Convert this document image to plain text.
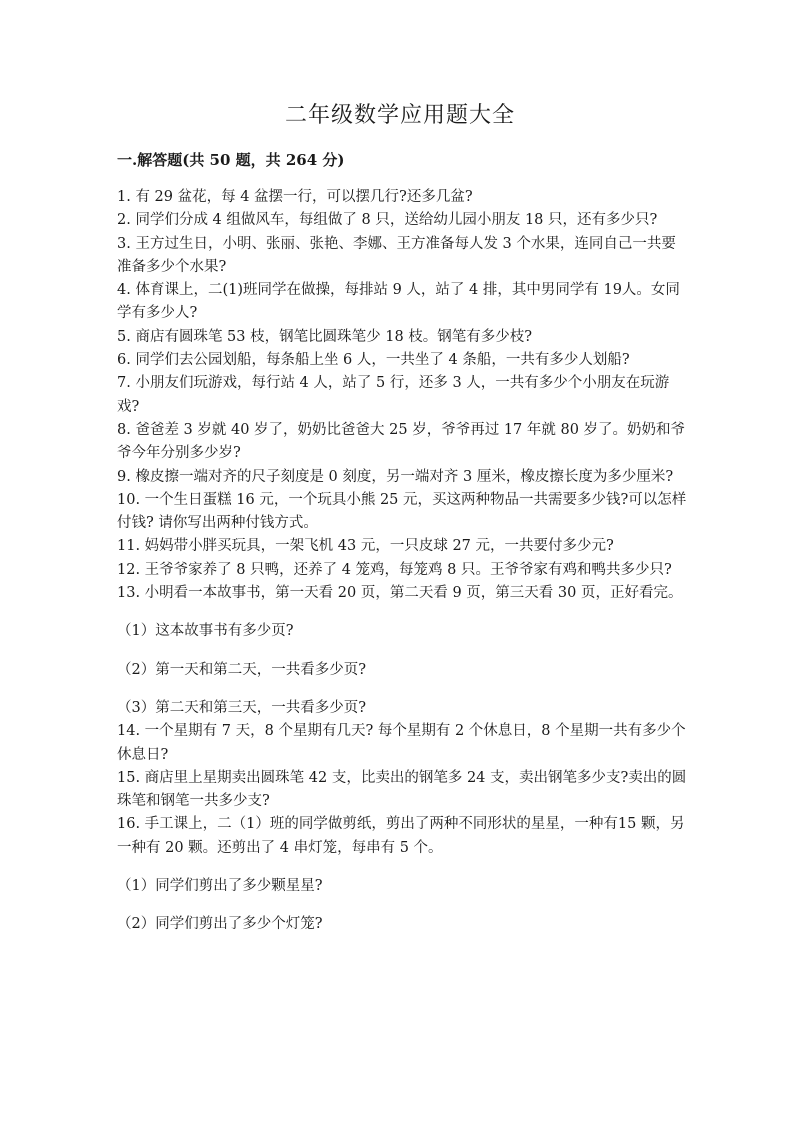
二年级数学应用题大全
一.解答题(共 50 题，共 264 分)

1. 有 29 盆花，每 4 盆摆一行，可以摆几行?还多几盆?

2. 同学们分成 4 组做风车，每组做了 8 只，送给幼儿园小朋友 18 只，还有多少只?

3. 王方过生日，小明、张丽、张艳、李娜、王方准备每人发 3 个水果，连同自己一共要准备多少个水果?

4. 体育课上，二(1)班同学在做操，每排站 9 人，站了 4 排，其中男同学有 19人。女同学有多少人?

5. 商店有圆珠笔 53 枝，钢笔比圆珠笔少 18 枝。钢笔有多少枝?

6. 同学们去公园划船，每条船上坐 6 人，一共坐了 4 条船，一共有多少人划船?

7. 小朋友们玩游戏，每行站 4 人，站了 5 行，还多 3 人，一共有多少个小朋友在玩游戏?

8. 爸爸差 3 岁就 40 岁了，奶奶比爸爸大 25 岁，爷爷再过 17 年就 80 岁了。奶奶和爷爷今年分别多少岁?

9. 橡皮擦一端对齐的尺子刻度是 0 刻度，另一端对齐 3 厘米，橡皮擦长度为多少厘米?

10. 一个生日蛋糕 16 元，一个玩具小熊 25 元，买这两种物品一共需要多少钱?可以怎样付钱? 请你写出两种付钱方式。

11. 妈妈带小胖买玩具，一架飞机 43 元，一只皮球 27 元，一共要付多少元?

12. 王爷爷家养了 8 只鸭，还养了 4 笼鸡，每笼鸡 8 只。王爷爷家有鸡和鸭共多少只?

13. 小明看一本故事书，第一天看 20 页，第二天看 9 页，第三天看 30 页，正好看完。

（1）这本故事书有多少页?

（2）第一天和第二天，一共看多少页?

（3）第二天和第三天，一共看多少页?

14. 一个星期有 7 天，8 个星期有几天? 每个星期有 2 个休息日，8 个星期一共有多少个休息日?

15. 商店里上星期卖出圆珠笔 42 支，比卖出的钢笔多 24 支，卖出钢笔多少支?卖出的圆珠笔和钢笔一共多少支?

16. 手工课上，二（1）班的同学做剪纸，剪出了两种不同形状的星星，一种有15 颗，另一种有 20 颗。还剪出了 4 串灯笼，每串有 5 个。

（1）同学们剪出了多少颗星星?

（2）同学们剪出了多少个灯笼?
